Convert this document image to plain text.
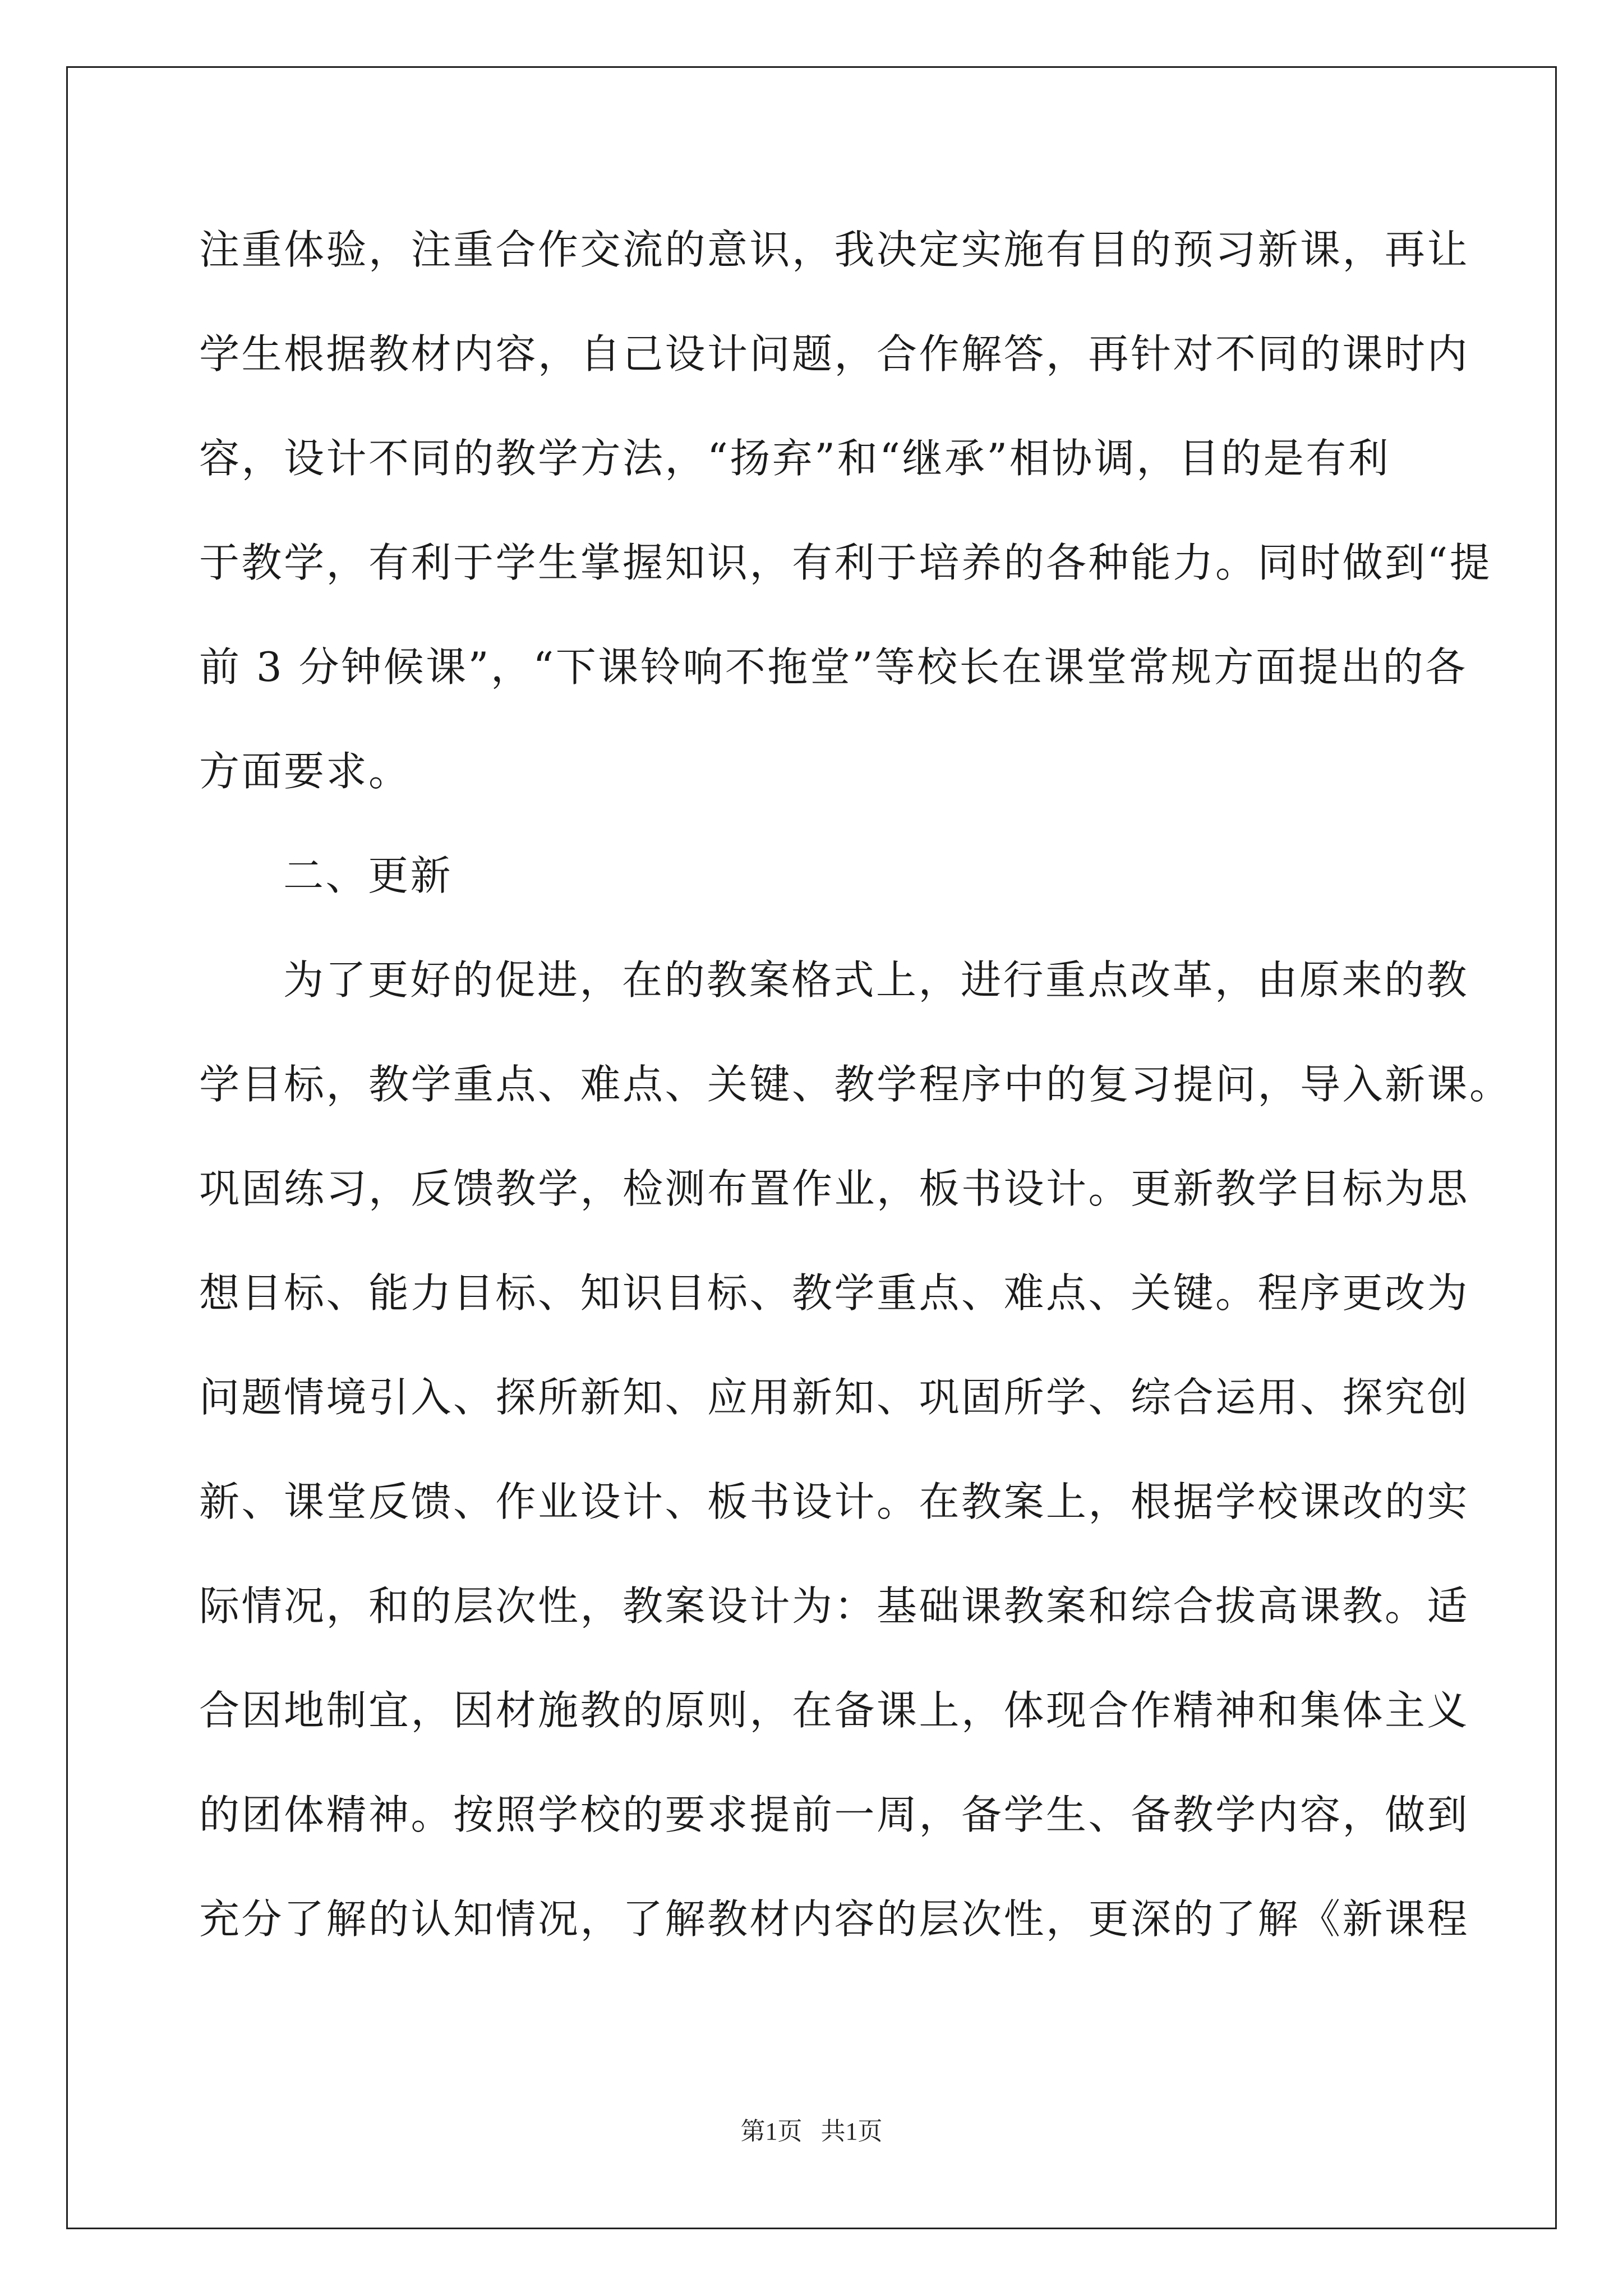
注重体验，注重合作交流的意识，我决定实施有目的预习新课，再让
学生根据教材内容，自己设计问题，合作解答，再针对不同的课时内
容，设计不同的教学方法，“扬弃”和“继承”相协调，目的是有利
于教学，有利于学生掌握知识，有利于培养的各种能力。同时做到“提
前 3 分钟候课”，“下课铃响不拖堂”等校长在课堂常规方面提出的各
方面要求。
二、更新
为了更好的促进，在的教案格式上，进行重点改革，由原来的教
学目标，教学重点、难点、关键、教学程序中的复习提问，导入新课。
巩固练习，反馈教学，检测布置作业，板书设计。更新教学目标为思
想目标、能力目标、知识目标、教学重点、难点、关键。程序更改为
问题情境引入、探所新知、应用新知、巩固所学、综合运用、探究创
新、课堂反馈、作业设计、板书设计。在教案上，根据学校课改的实
际情况，和的层次性，教案设计为：基础课教案和综合拔高课教。适
合因地制宜，因材施教的原则，在备课上，体现合作精神和集体主义
的团体精神。按照学校的要求提前一周，备学生、备教学内容，做到
充分了解的认知情况，了解教材内容的层次性，更深的了解《新课程
第1页 共1页
